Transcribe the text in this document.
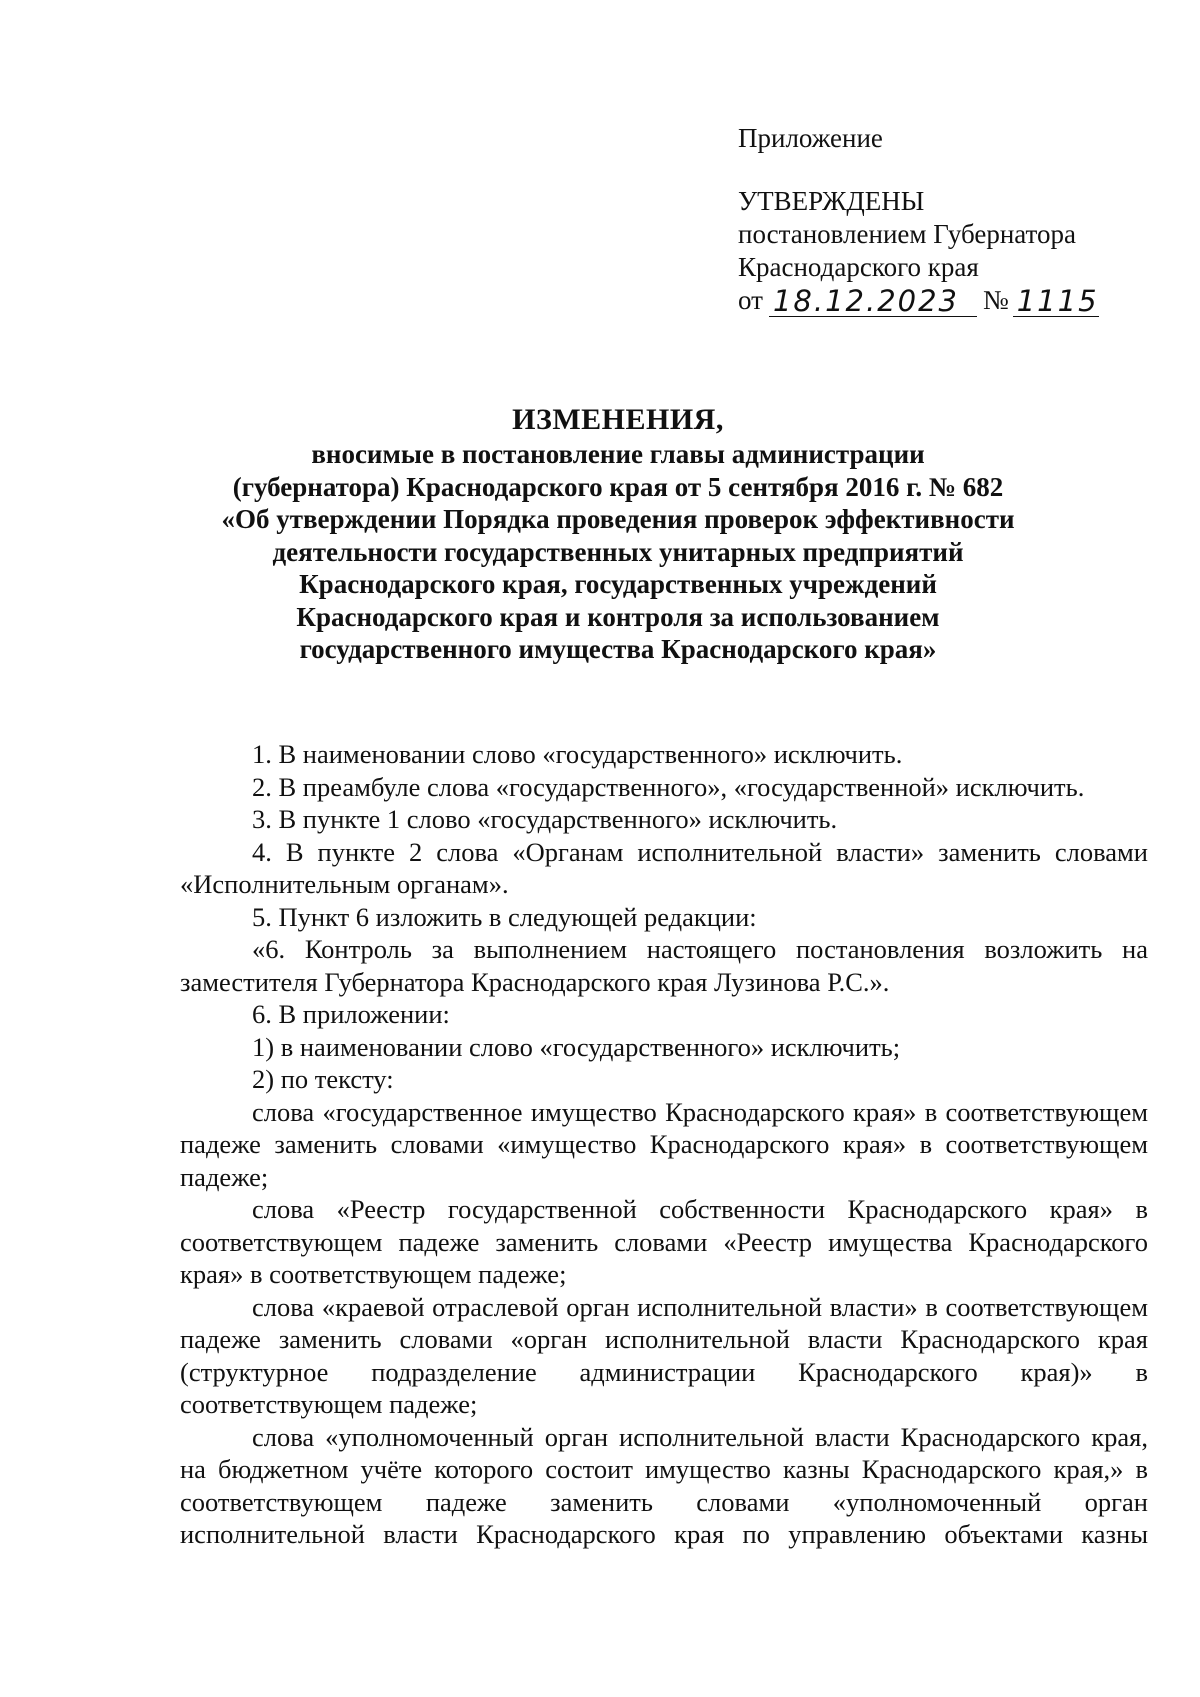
Приложение
УТВЕРЖДЕНЫ
постановлением Губернатора
Краснодарского края
от 18.12.2023 № 1115
ИЗМЕНЕНИЯ,
вносимые в постановление главы администрации
(губернатора) Краснодарского края от 5 сентября 2016 г. № 682
«Об утверждении Порядка проведения проверок эффективности
деятельности государственных унитарных предприятий
Краснодарского края, государственных учреждений
Краснодарского края и контроля за использованием
государственного имущества Краснодарского края»

1. В наименовании слово «государственного» исключить.

2. В преамбуле слова «государственного», «государственной» исключить.

3. В пункте 1 слово «государственного» исключить.

4. В пункте 2 слова «Органам исполнительной власти» заменить словами «Исполнительным органам».

5. Пункт 6 изложить в следующей редакции:

«6. Контроль за выполнением настоящего постановления возложить на заместителя Губернатора Краснодарского края Лузинова Р.С.».

6. В приложении:

1) в наименовании слово «государственного» исключить;

2) по тексту:

слова «государственное имущество Краснодарского края» в соответствующем падеже заменить словами «имущество Краснодарского края» в соответствующем падеже;

слова «Реестр государственной собственности Краснодарского края» в соответствующем падеже заменить словами «Реестр имущества Краснодарского края» в соответствующем падеже;

слова «краевой отраслевой орган исполнительной власти» в соответствующем падеже заменить словами «орган исполнительной власти Краснодарского края (структурное подразделение администрации Краснодарского края)» в соответствующем падеже;

слова «уполномоченный орган исполнительной власти Краснодарского края, на бюджетном учёте которого состоит имущество казны Краснодарского края,» в соответствующем падеже заменить словами «уполномоченный орган исполнительной власти Краснодарского края по управлению объектами казны
